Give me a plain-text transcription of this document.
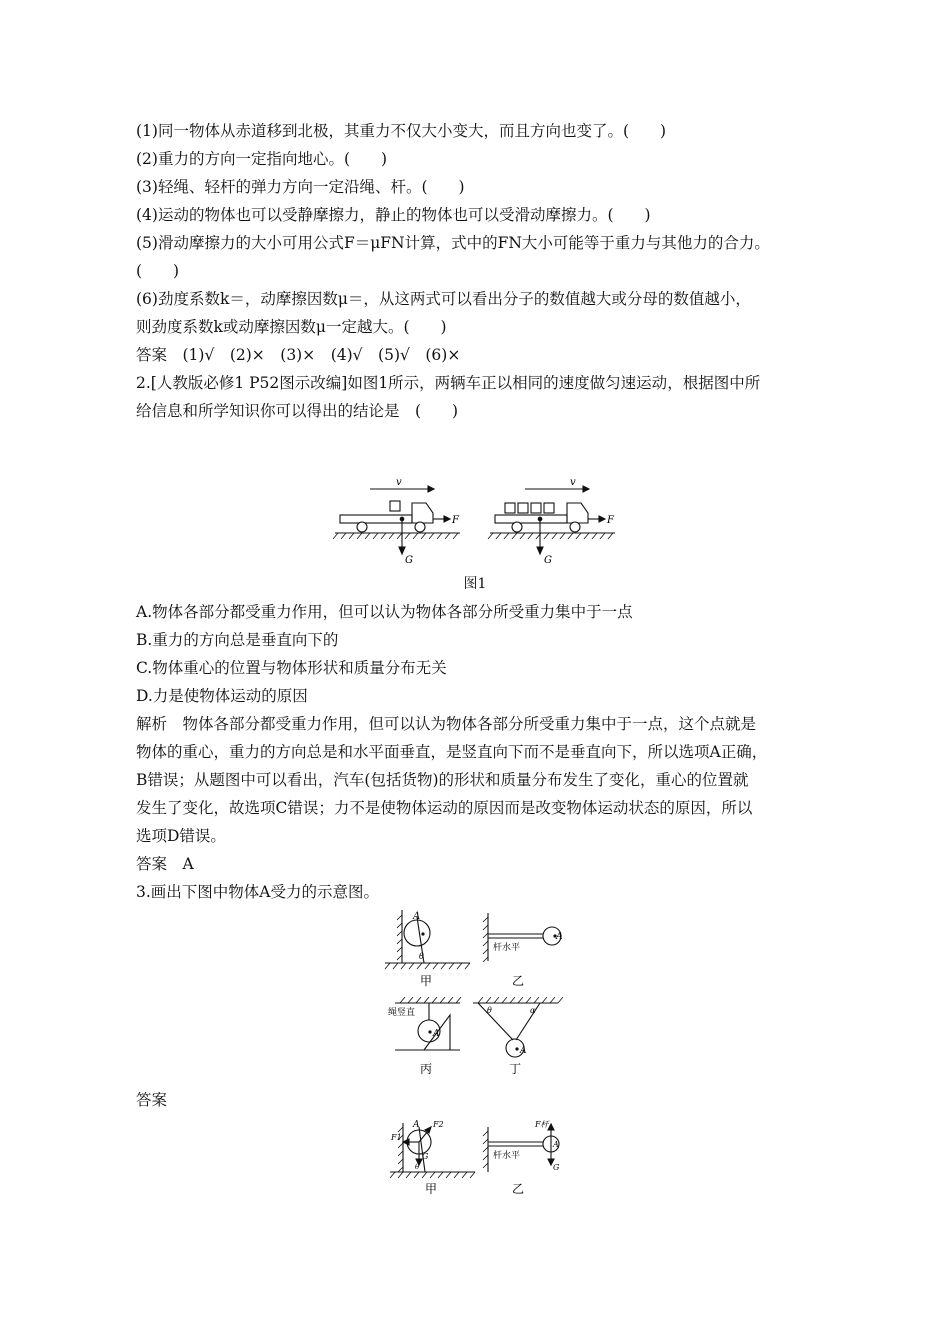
(1)同一物体从赤道移到北极，其重力不仅大小变大，而且方向也变了。(　　)
(2)重力的方向一定指向地心。(　　)
(3)轻绳、轻杆的弹力方向一定沿绳、杆。(　　)
(4)运动的物体也可以受静摩擦力，静止的物体也可以受滑动摩擦力。(　　)
(5)滑动摩擦力的大小可用公式F＝μFN计算，式中的FN大小可能等于重力与其他力的合力。
(　　)
(6)劲度系数k＝，动摩擦因数μ＝，从这两式可以看出分子的数值越大或分母的数值越小，
则劲度系数k或动摩擦因数μ一定越大。(　　)
答案　(1)√　(2)×　(3)×　(4)√　(5)√　(6)×
2.[人教版必修1 P52图示改编]如图1所示，两辆车正以相同的速度做匀速运动，根据图中所
给信息和所学知识你可以得出的结论是　(　　)
v
F
G
v
F
G
图1
A.物体各部分都受重力作用，但可以认为物体各部分所受重力集中于一点
B.重力的方向总是垂直向下的
C.物体重心的位置与物体形状和质量分布无关
D.力是使物体运动的原因
解析　物体各部分都受重力作用，但可以认为物体各部分所受重力集中于一点，这个点就是
物体的重心，重力的方向总是和水平面垂直，是竖直向下而不是垂直向下，所以选项A正确，
B错误；从题图中可以看出，汽车(包括货物)的形状和质量分布发生了变化，重心的位置就
发生了变化，故选项C错误；力不是使物体运动的原因而是改变物体运动状态的原因，所以
选项D错误。
答案　A
3.画出下图中物体A受力的示意图。
A
θ
甲
杆水平
A
乙
绳竖直
A
丙
θ	α
A
丁
答案
F1
A F2
G
θ
甲
杆水平
F杆
A
G
乙
